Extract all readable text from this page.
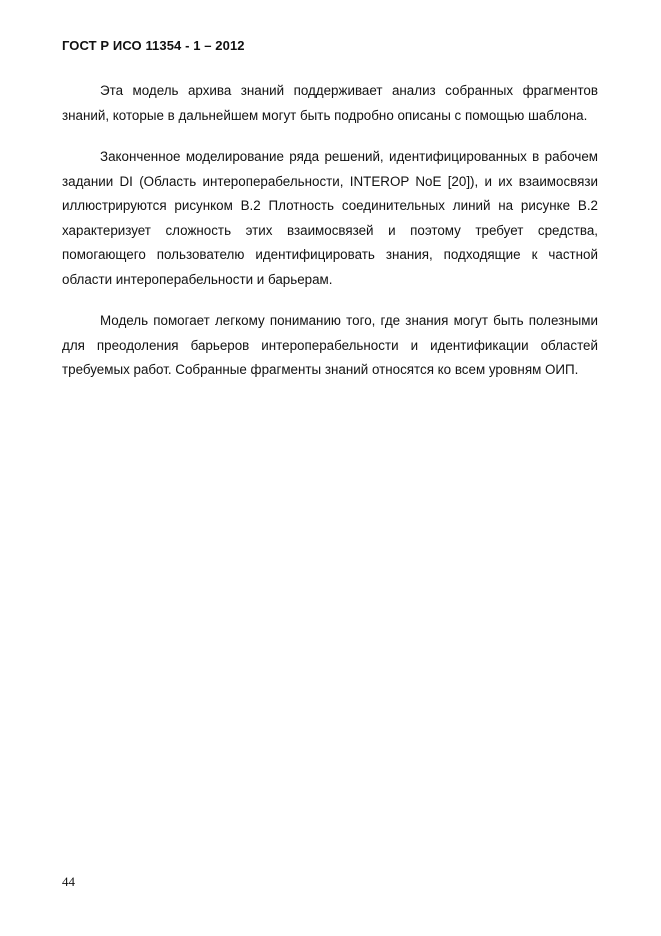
ГОСТ Р ИСО 11354 - 1 – 2012

Эта модель архива знаний поддерживает анализ собранных фрагментов знаний, которые в дальнейшем могут быть подробно описаны с помощью шаблона.

Законченное моделирование ряда решений, идентифицированных в рабочем задании DI (Область интероперабельности, INTEROP NoE [20]), и их взаимосвязи иллюстрируются рисунком В.2 Плотность соединительных линий на рисунке В.2 характеризует сложность этих взаимосвязей и поэтому требует средства, помогающего пользователю идентифицировать знания, подходящие к частной области интероперабельности и барьерам.

Модель помогает легкому пониманию того, где знания могут быть полезными для преодоления барьеров интероперабельности и идентификации областей требуемых работ. Собранные фрагменты знаний относятся ко всем уровням ОИП.

44
